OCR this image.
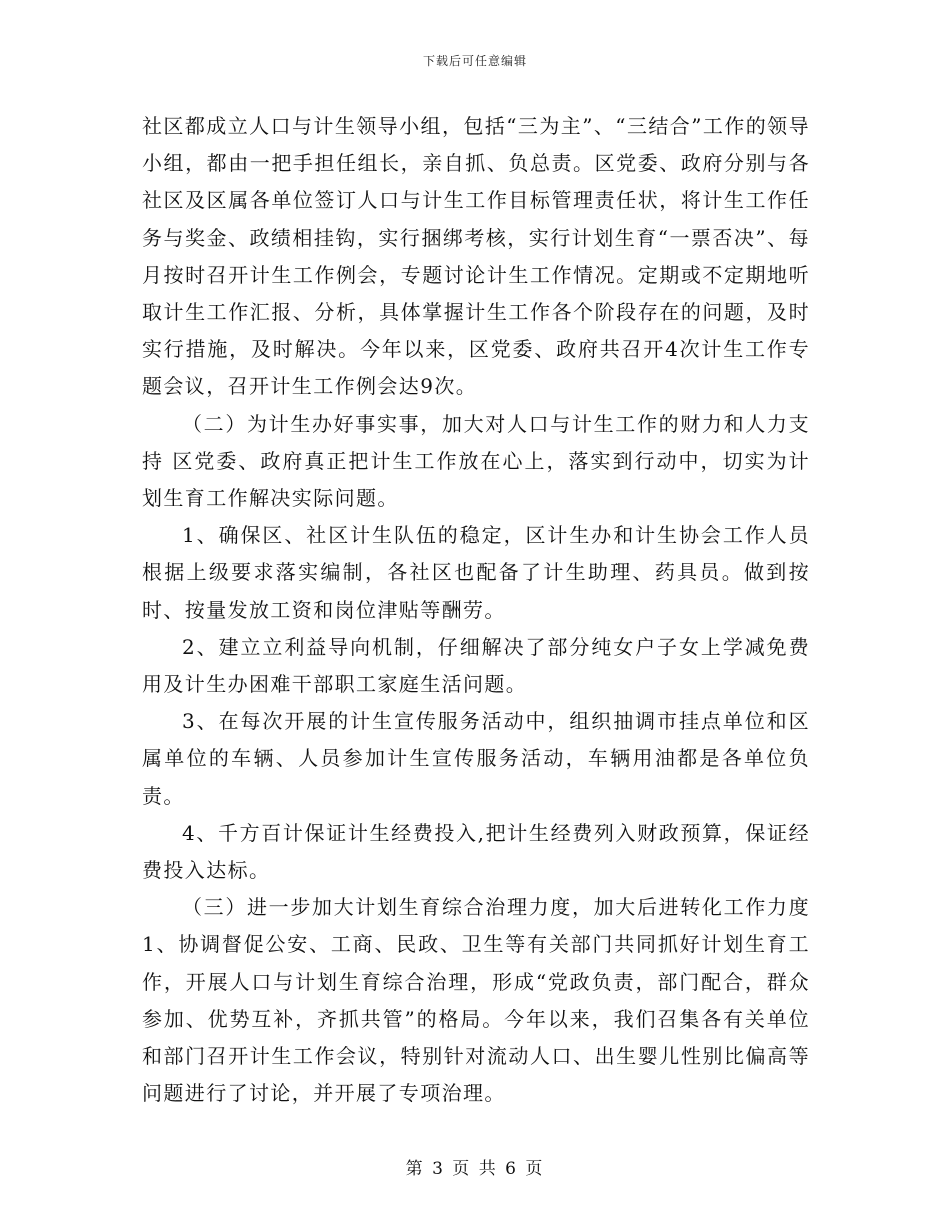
下载后可任意编辑

社区都成立人口与计生领导小组，包括“三为主”、“三结合”工作的领导小组，都由一把手担任组长，亲自抓、负总责。区党委、政府分别与各社区及区属各单位签订人口与计生工作目标管理责任状，将计生工作任务与奖金、政绩相挂钩，实行捆绑考核，实行计划生育“一票否决”、每月按时召开计生工作例会，专题讨论计生工作情况。定期或不定期地听取计生工作汇报、分析，具体掌握计生工作各个阶段存在的问题，及时实行措施，及时解决。今年以来，区党委、政府共召开4次计生工作专题会议，召开计生工作例会达9次。

（二）为计生办好事实事，加大对人口与计生工作的财力和人力支持 区党委、政府真正把计生工作放在心上，落实到行动中，切实为计划生育工作解决实际问题。

1、确保区、社区计生队伍的稳定，区计生办和计生协会工作人员根据上级要求落实编制，各社区也配备了计生助理、药具员。做到按时、按量发放工资和岗位津贴等酬劳。

2、建立立利益导向机制，仔细解决了部分纯女户子女上学减免费用及计生办困难干部职工家庭生活问题。

3、在每次开展的计生宣传服务活动中，组织抽调市挂点单位和区属单位的车辆、人员参加计生宣传服务活动，车辆用油都是各单位负责。

4、千方百计保证计生经费投入,把计生经费列入财政预算，保证经费投入达标。

（三）进一步加大计划生育综合治理力度，加大后进转化工作力度 1、协调督促公安、工商、民政、卫生等有关部门共同抓好计划生育工作，开展人口与计划生育综合治理，形成“党政负责，部门配合，群众参加、优势互补，齐抓共管”的格局。今年以来，我们召集各有关单位和部门召开计生工作会议，特别针对流动人口、出生婴儿性别比偏高等问题进行了讨论，并开展了专项治理。

第 3 页 共 6 页
